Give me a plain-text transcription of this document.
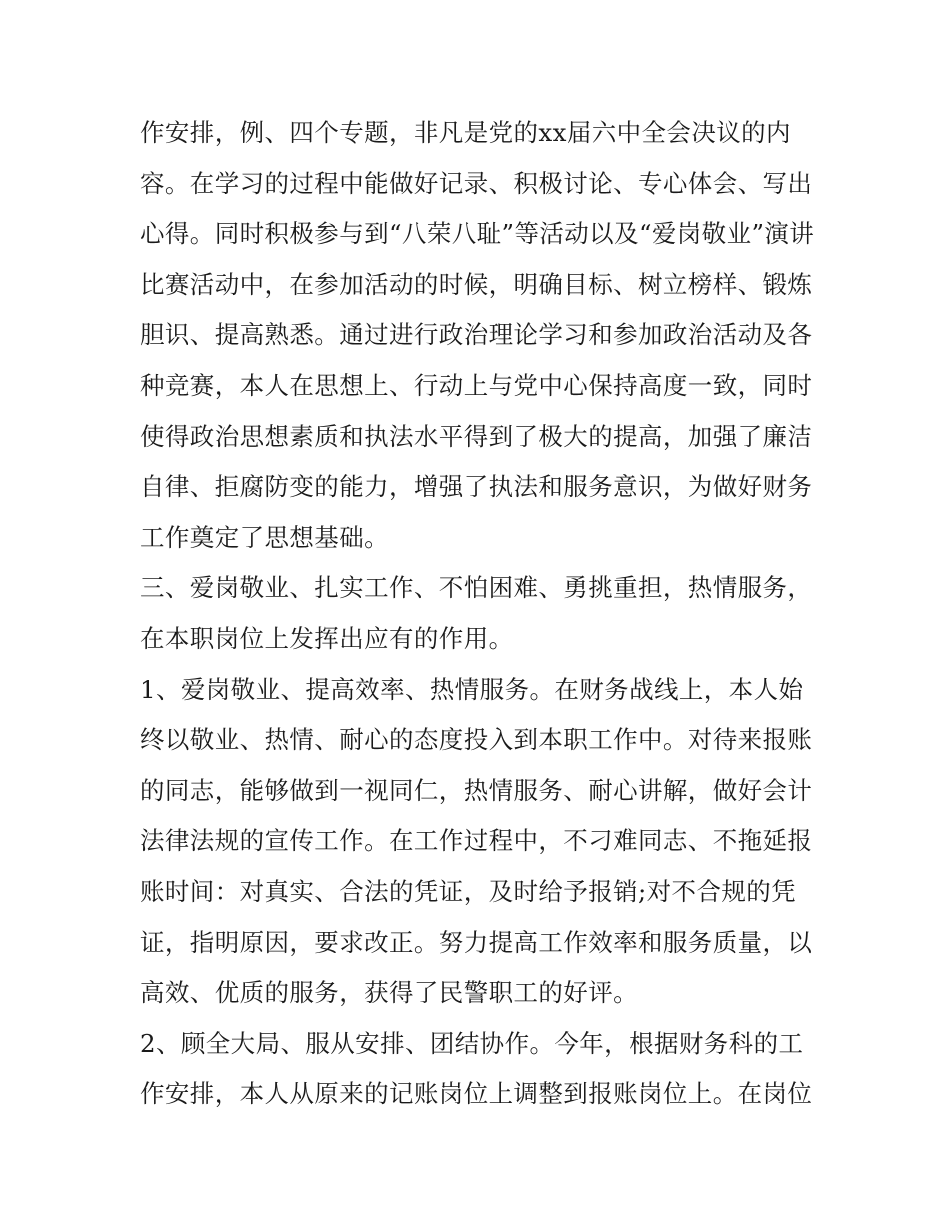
作安排，例、四个专题，非凡是党的xx届六中全会决议的内
容。在学习的过程中能做好记录、积极讨论、专心体会、写出
心得。同时积极参与到“八荣八耻”等活动以及“爱岗敬业”演讲
比赛活动中，在参加活动的时候，明确目标、树立榜样、锻炼
胆识、提高熟悉。通过进行政治理论学习和参加政治活动及各
种竞赛，本人在思想上、行动上与党中心保持高度一致，同时
使得政治思想素质和执法水平得到了极大的提高，加强了廉洁
自律、拒腐防变的能力，增强了执法和服务意识，为做好财务
工作奠定了思想基础。
三、爱岗敬业、扎实工作、不怕困难、勇挑重担，热情服务，
在本职岗位上发挥出应有的作用。
1、爱岗敬业、提高效率、热情服务。在财务战线上，本人始
终以敬业、热情、耐心的态度投入到本职工作中。对待来报账
的同志，能够做到一视同仁，热情服务、耐心讲解，做好会计
法律法规的宣传工作。在工作过程中，不刁难同志、不拖延报
账时间：对真实、合法的凭证，及时给予报销;对不合规的凭
证，指明原因，要求改正。努力提高工作效率和服务质量，以
高效、优质的服务，获得了民警职工的好评。
2、顾全大局、服从安排、团结协作。今年，根据财务科的工
作安排，本人从原来的记账岗位上调整到报账岗位上。在岗位
